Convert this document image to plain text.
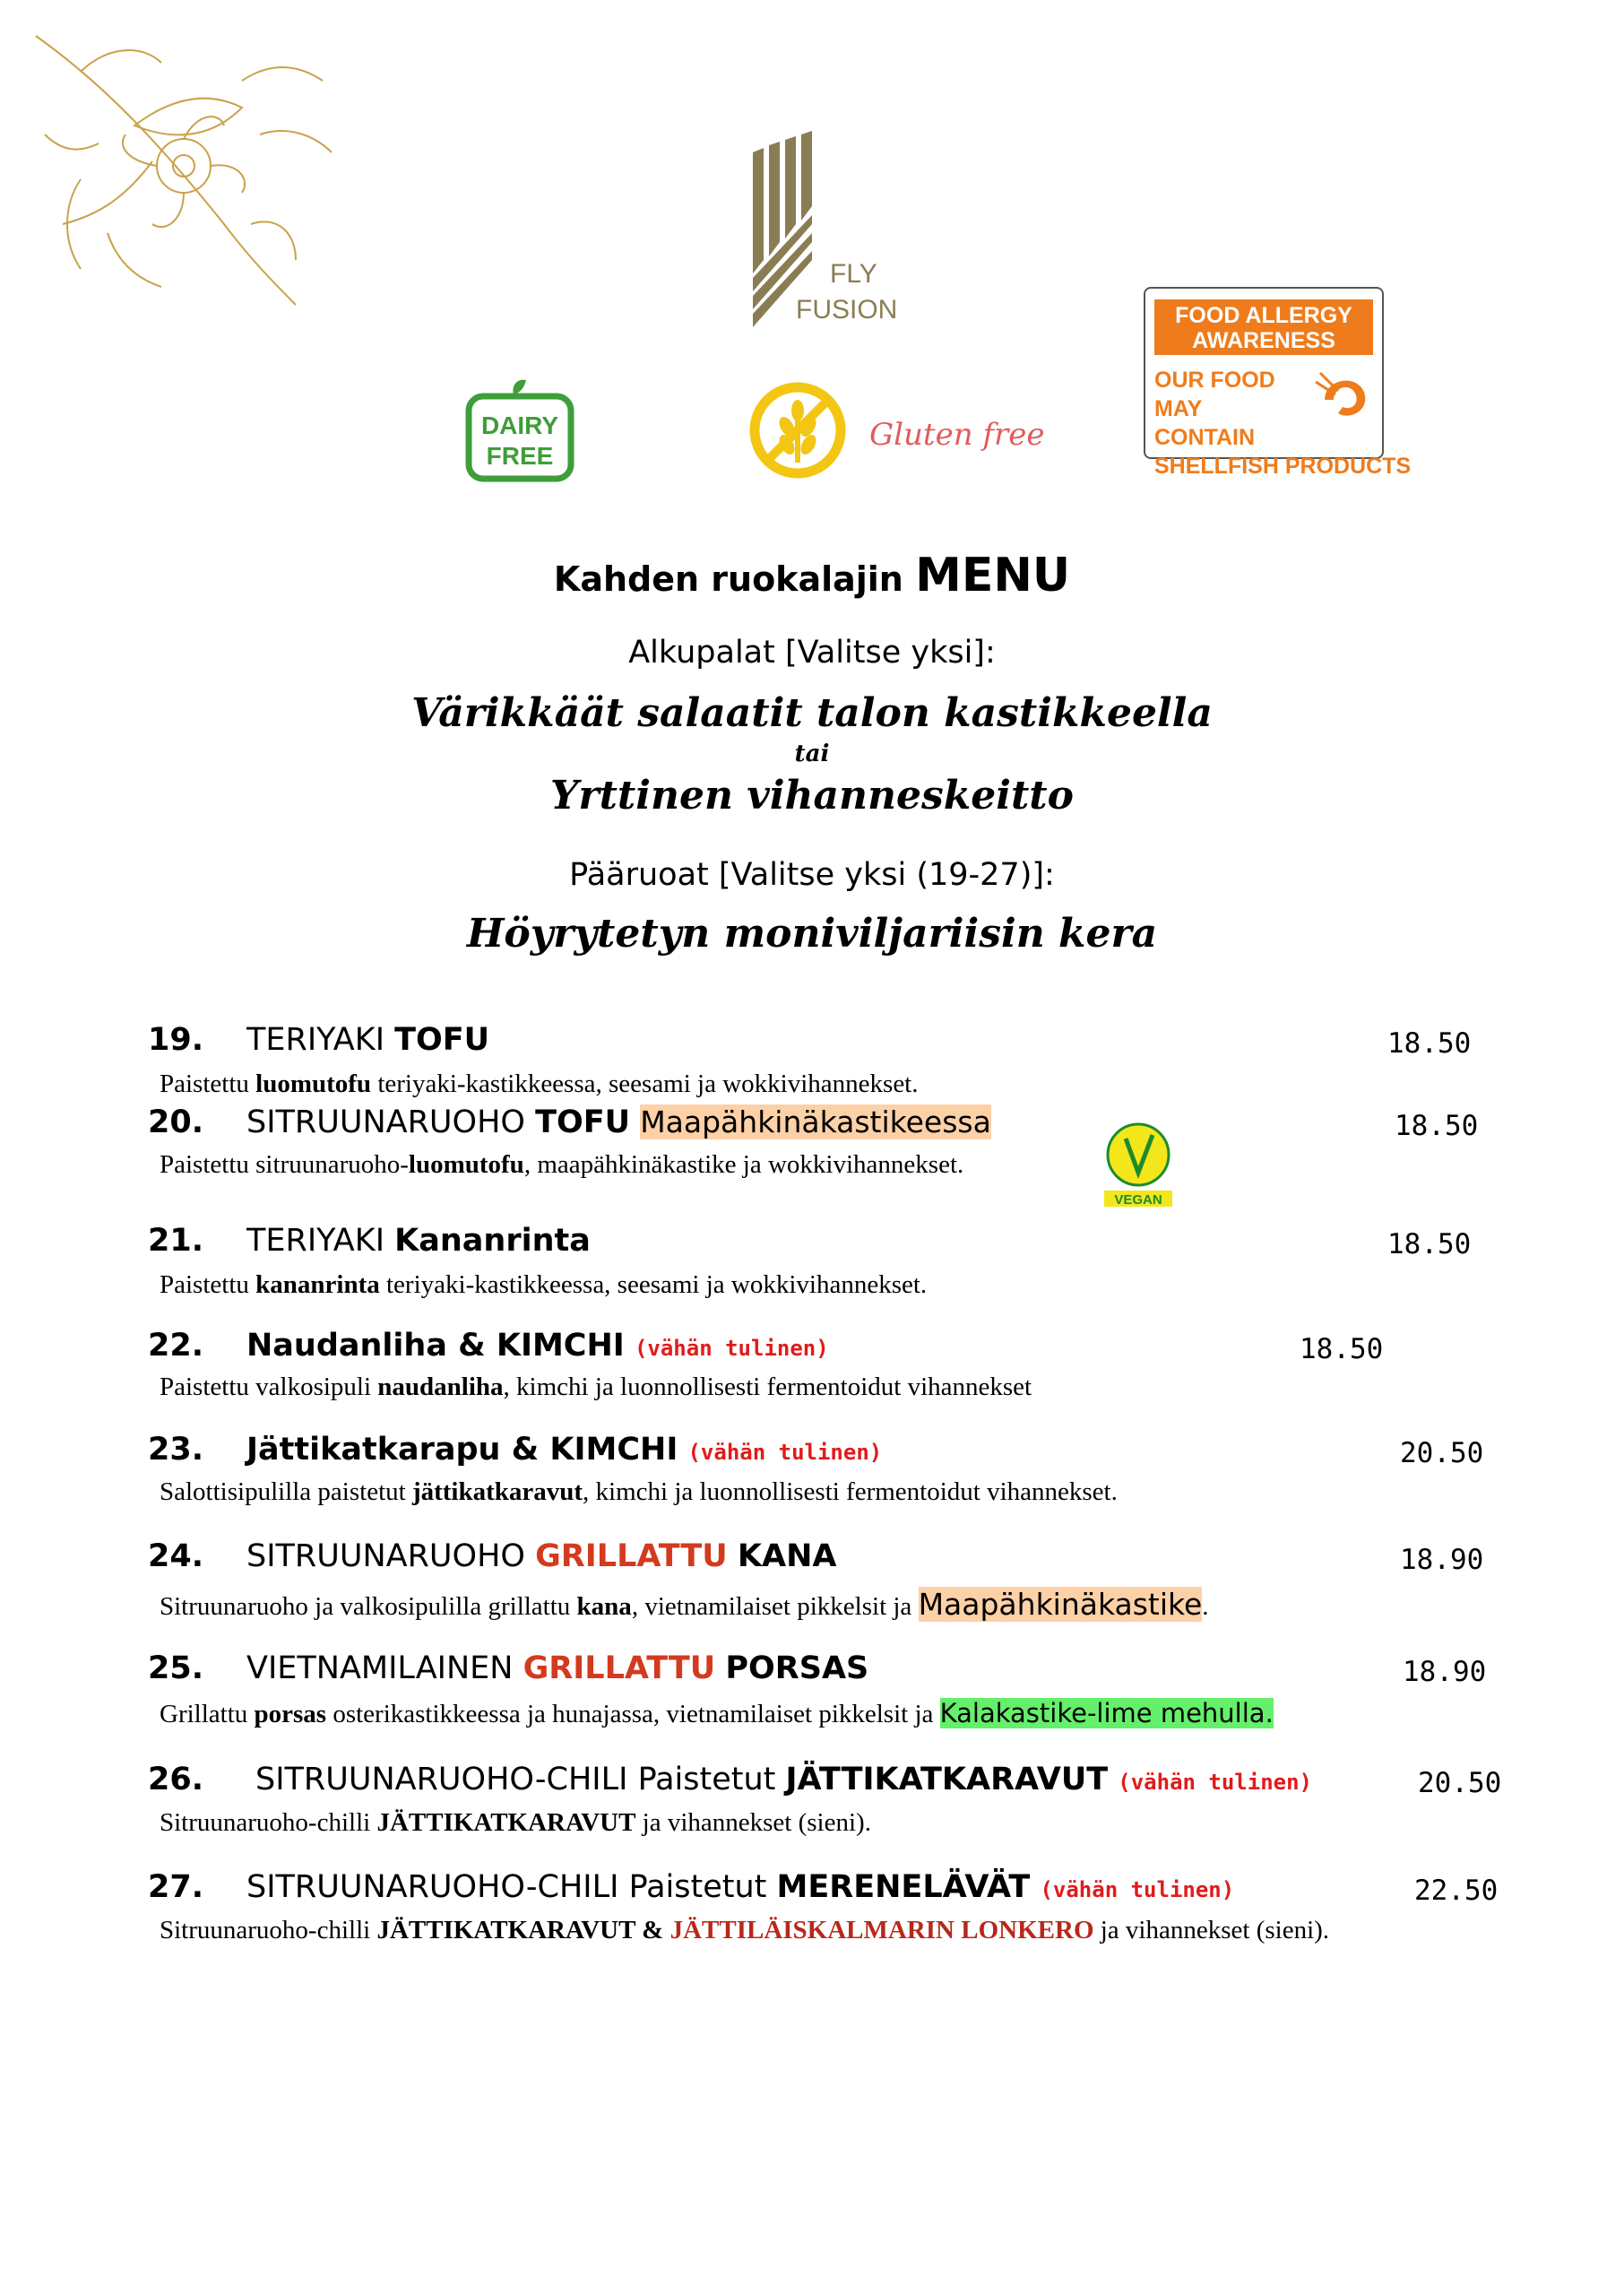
FLY
FUSION
DAIRY
FREE
Gluten free
FOOD ALLERGY
AWARENESS
OUR FOOD
MAY CONTAIN
SHELLFISH PRODUCTS
Kahden ruokalajin MENU
Alkupalat [Valitse yksi]:
Värikkäät salaatit talon kastikkeella
tai
Yrttinen vihanneskeitto
Pääruoat [Valitse yksi (19-27)]:
Höyrytetyn moniviljariisin kera
19. TERIYAKI TOFU	18.50
Paistettu luomutofu teriyaki-kastikkeessa, seesami ja wokkivihannekset.
20. SITRUUNARUOHO TOFU Maapähkinäkastikeessa	18.50
Paistettu sitruunaruoho-luomutofu, maapähkinäkastike ja wokkivihannekset.
VEGAN
21. TERIYAKI Kananrinta	18.50
Paistettu kananrinta teriyaki-kastikkeessa, seesami ja wokkivihannekset.
22. Naudanliha & KIMCHI (vähän tulinen)	18.50
Paistettu valkosipuli naudanliha, kimchi ja luonnollisesti fermentoidut vihannekset
23. Jättikatkarapu & KIMCHI (vähän tulinen)	20.50
Salottisipulilla paistetut jättikatkaravut, kimchi ja luonnollisesti fermentoidut vihannekset.
24. SITRUUNARUOHO GRILLATTU KANA	18.90
Sitruunaruoho ja valkosipulilla grillattu kana, vietnamilaiset pikkelsit ja Maapähkinäkastike.
25. VIETNAMILAINEN GRILLATTU PORSAS	18.90
Grillattu porsas osterikastikkeessa ja hunajassa, vietnamilaiset pikkelsit ja Kalakastike-lime mehulla.
26. SITRUUNARUOHO-CHILI Paistetut JÄTTIKATKARAVUT (vähän tulinen)	20.50
Sitruunaruoho-chilli JÄTTIKATKARAVUT ja vihannekset (sieni).
27. SITRUUNARUOHO-CHILI Paistetut MERENELÄVÄT (vähän tulinen)	22.50
Sitruunaruoho-chilli JÄTTIKATKARAVUT & JÄTTILÄISKALMARIN LONKERO ja vihannekset (sieni).
